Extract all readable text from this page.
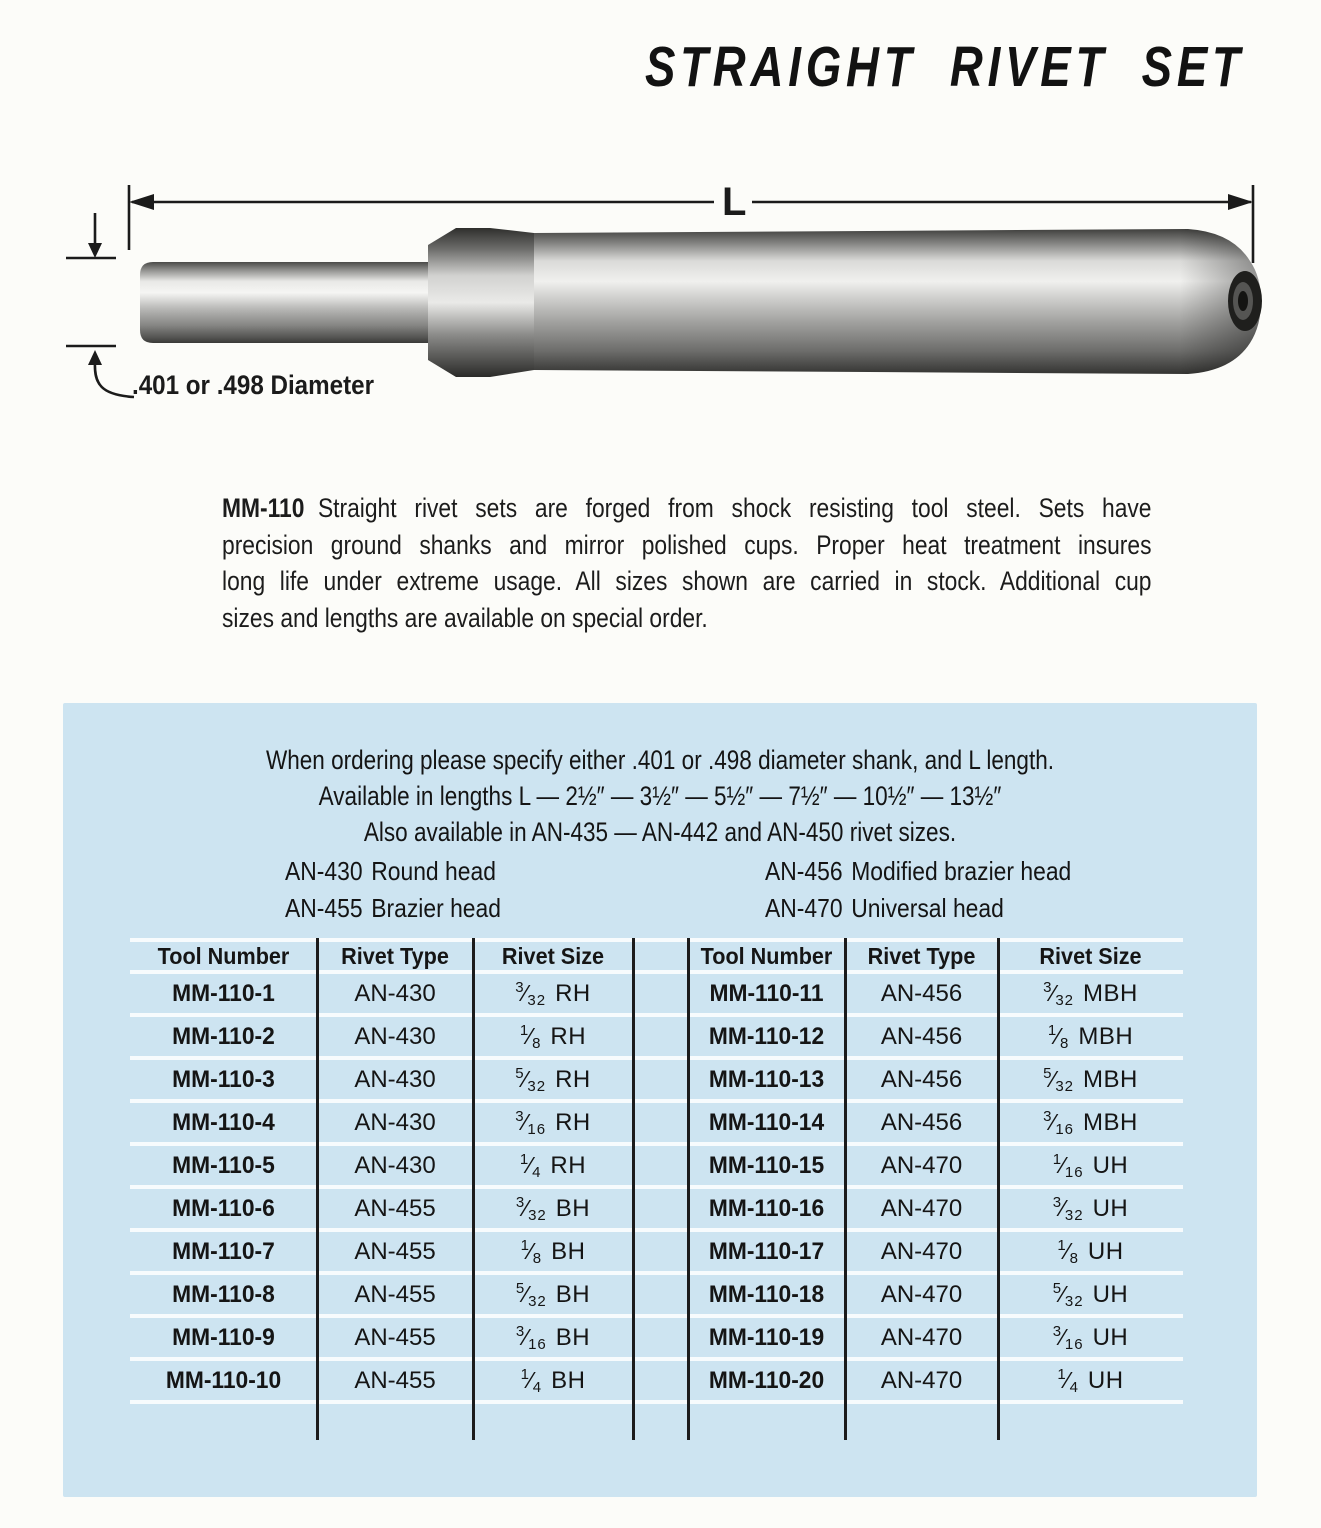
STRAIGHT RIVET SET
L
.401 or .498 Diameter
MM-110 Straight rivet sets are forged from shock resisting tool steel. Sets have
precision ground shanks and mirror polished cups. Proper heat treatment insures
long life under extreme usage. All sizes shown are carried in stock. Additional cup
sizes and lengths are available on special order.
When ordering please specify either .401 or .498 diameter shank, and L length.
Available in lengths L — 2½″ — 3½″ — 5½″ — 7½″ — 10½″ — 13½″
Also available in AN-435 — AN-442 and AN-450 rivet sizes.
AN-430 Round head
AN-455 Brazier head
AN-456 Modified brazier head
AN-470 Universal head
Tool Number	Rivet Type	Rivet Size	Tool Number	Rivet Type	Rivet Size
MM-110-1	AN-430	$^3⁄_{32}$ RH	MM-110-11	AN-456	$^3⁄_{32}$ MBH
MM-110-2	AN-430	$^1⁄_8$ RH	MM-110-12	AN-456	$^1⁄_8$ MBH
MM-110-3	AN-430	$^5⁄_{32}$ RH	MM-110-13	AN-456	$^5⁄_{32}$ MBH
MM-110-4	AN-430	$^3⁄_{16}$ RH	MM-110-14	AN-456	$^3⁄_{16}$ MBH
MM-110-5	AN-430	$^1⁄_4$ RH	MM-110-15	AN-470	$^1⁄_{16}$ UH
MM-110-6	AN-455	$^3⁄_{32}$ BH	MM-110-16	AN-470	$^3⁄_{32}$ UH
MM-110-7	AN-455	$^1⁄_8$ BH	MM-110-17	AN-470	$^1⁄_8$ UH
MM-110-8	AN-455	$^5⁄_{32}$ BH	MM-110-18	AN-470	$^5⁄_{32}$ UH
MM-110-9	AN-455	$^3⁄_{16}$ BH	MM-110-19	AN-470	$^3⁄_{16}$ UH
MM-110-10	AN-455	$^1⁄_4$ BH	MM-110-20	AN-470	$^1⁄_4$ UH
